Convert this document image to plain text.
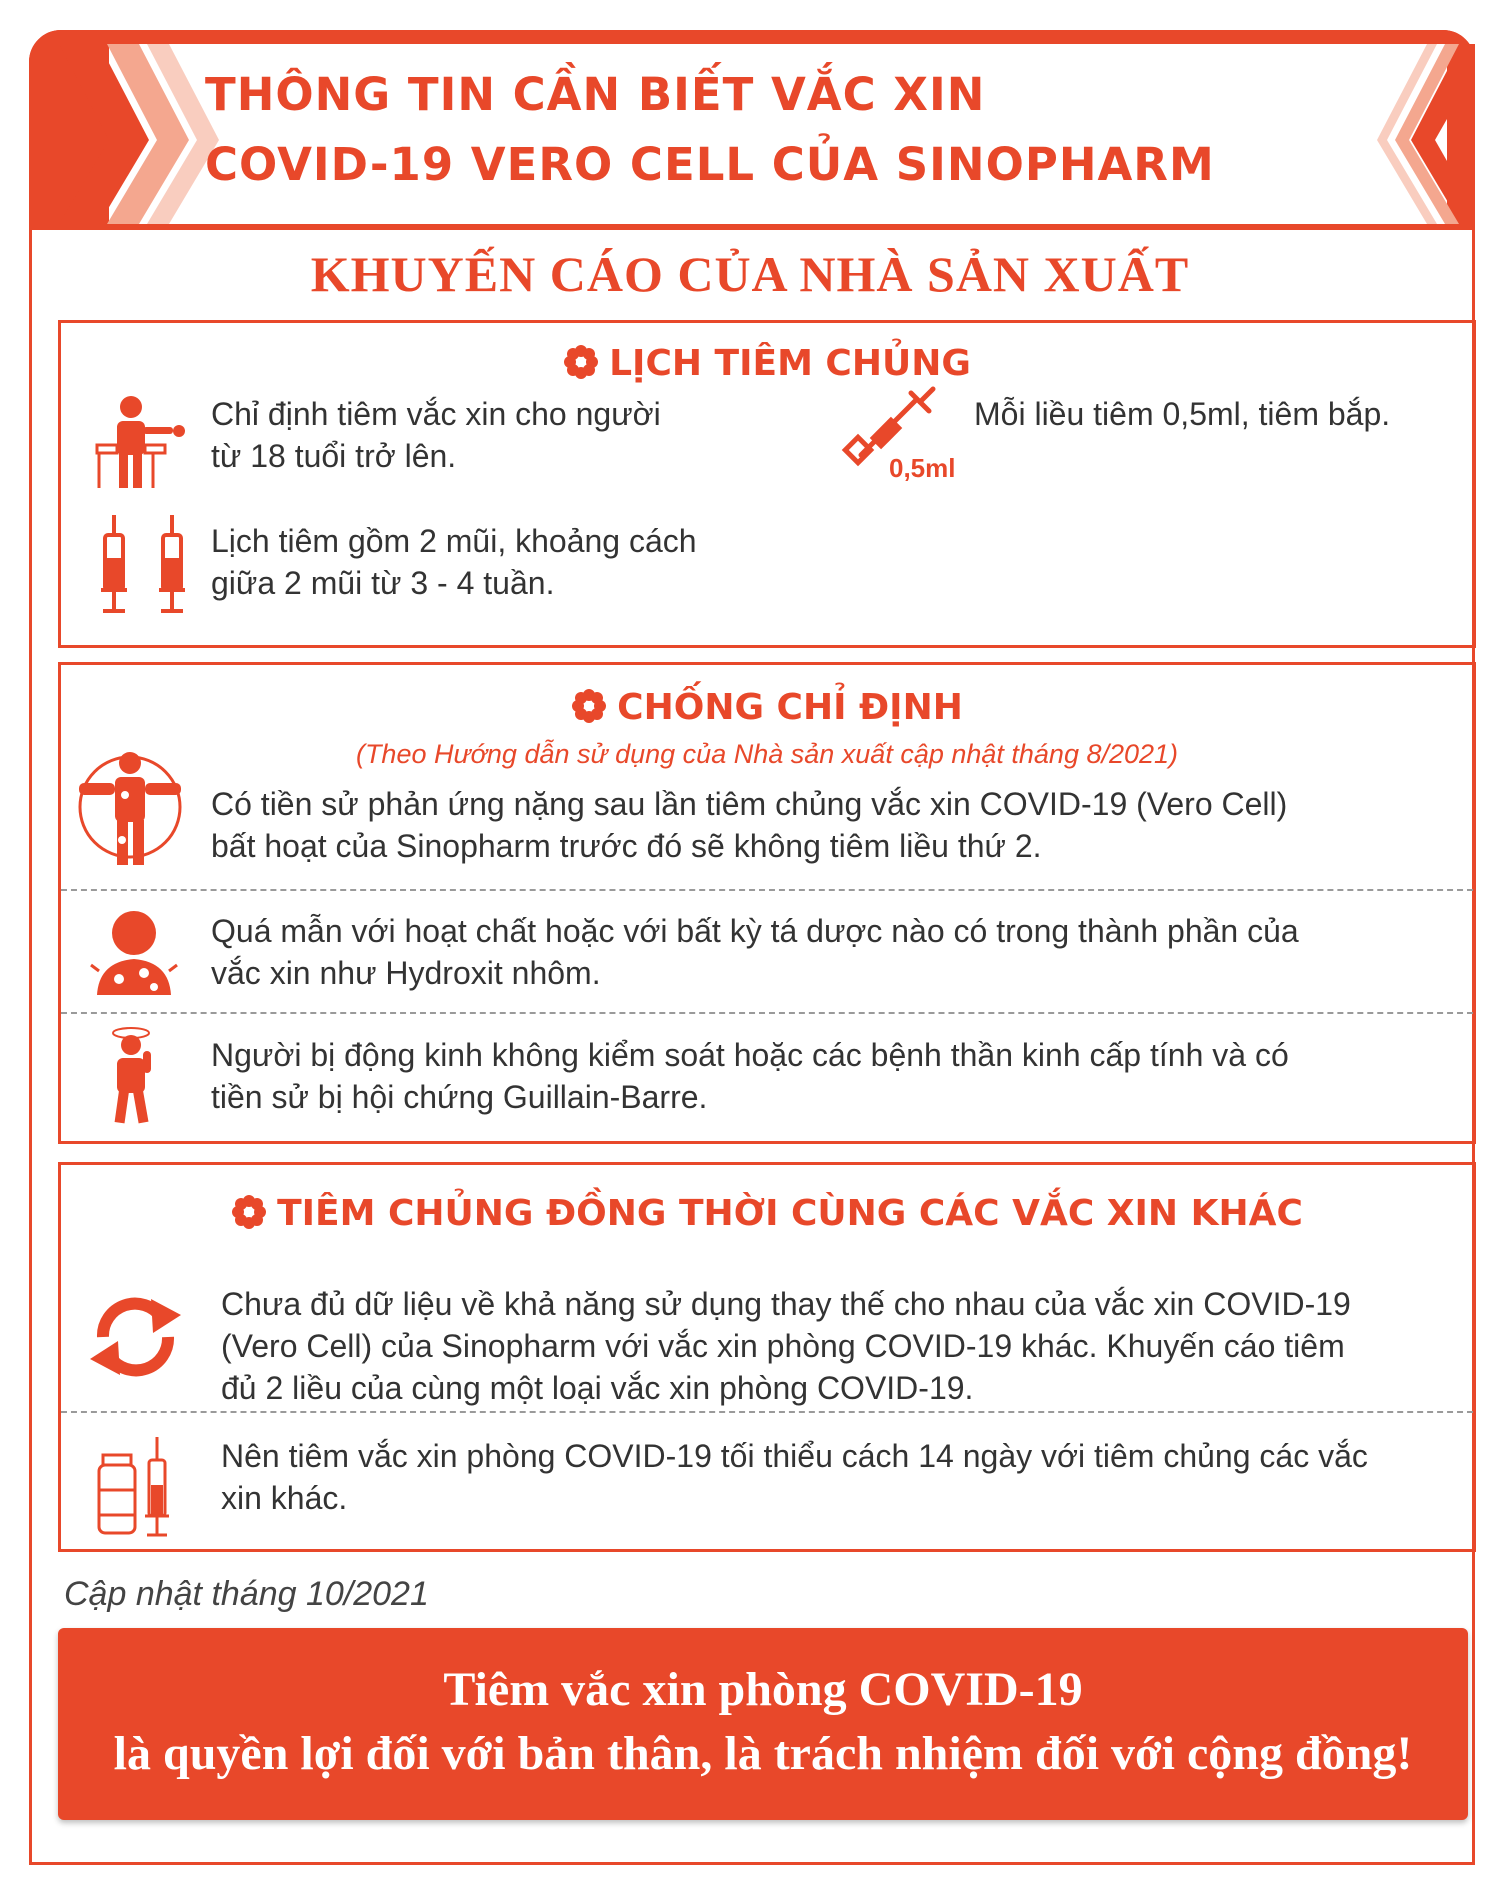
THÔNG TIN CẦN BIẾT VẮC XIN
COVID-19 VERO CELL CỦA SINOPHARM
KHUYẾN CÁO CỦA NHÀ SẢN XUẤT
LỊCH TIÊM CHỦNG
Chỉ định tiêm vắc xin cho người
từ 18 tuổi trở lên.	0,5ml
Mỗi liều tiêm 0,5ml, tiêm bắp.
Lịch tiêm gồm 2 mũi, khoảng cách
giữa 2 mũi từ 3 - 4 tuần.
CHỐNG CHỈ ĐỊNH
(Theo Hướng dẫn sử dụng của Nhà sản xuất cập nhật tháng 8/2021)
Có tiền sử phản ứng nặng sau lần tiêm chủng vắc xin COVID-19 (Vero Cell)
bất hoạt của Sinopharm trước đó sẽ không tiêm liều thứ 2.
Quá mẫn với hoạt chất hoặc với bất kỳ tá dược nào có trong thành phần của
vắc xin như Hydroxit nhôm.
Người bị động kinh không kiểm soát hoặc các bệnh thần kinh cấp tính và có
tiền sử bị hội chứng Guillain-Barre.
TIÊM CHỦNG ĐỒNG THỜI CÙNG CÁC VẮC XIN KHÁC
Chưa đủ dữ liệu về khả năng sử dụng thay thế cho nhau của vắc xin COVID-19
(Vero Cell) của Sinopharm với vắc xin phòng COVID-19 khác. Khuyến cáo tiêm
đủ 2 liều của cùng một loại vắc xin phòng COVID-19.
Nên tiêm vắc xin phòng COVID-19 tối thiểu cách 14 ngày với tiêm chủng các vắc
xin khác.
Cập nhật tháng 10/2021
Tiêm vắc xin phòng COVID-19
là quyền lợi đối với bản thân, là trách nhiệm đối với cộng đồng!
